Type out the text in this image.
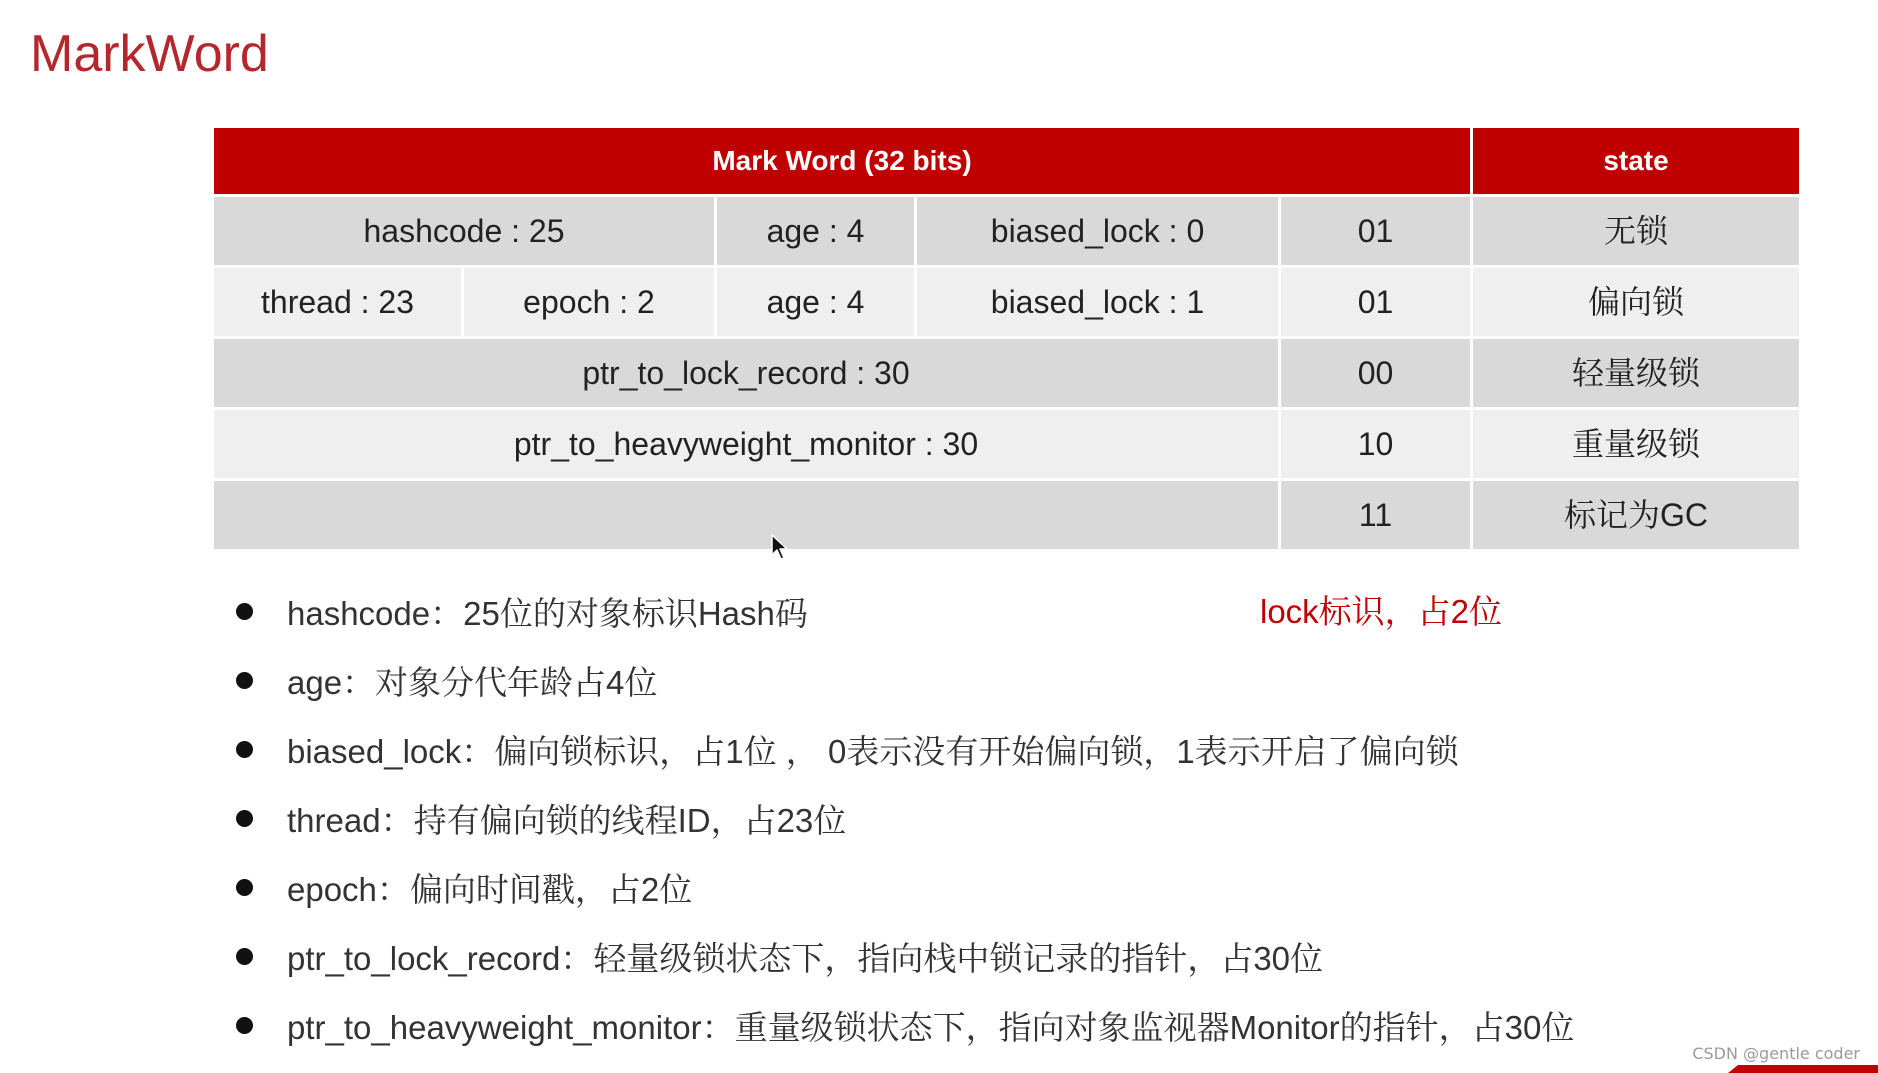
MarkWord
Mark Word (32 bits)	state
hashcode : 25	age : 4	biased_lock : 0	01	无锁
thread : 23	epoch : 2	age : 4	biased_lock : 1	01	偏向锁
ptr_to_lock_record : 30	00	轻量级锁
ptr_to_heavyweight_monitor : 30	10	重量级锁
11	标记为GC
hashcode：25位的对象标识Hash码
age：对象分代年龄占4位
biased_lock：偏向锁标识，占1位 ， 0表示没有开始偏向锁，1表示开启了偏向锁
thread：持有偏向锁的线程ID，占23位
epoch：偏向时间戳，占2位
ptr_to_lock_record：轻量级锁状态下，指向栈中锁记录的指针，占30位
ptr_to_heavyweight_monitor：重量级锁状态下，指向对象监视器Monitor的指针，占30位
lock标识，占2位
CSDN @gentle coder
